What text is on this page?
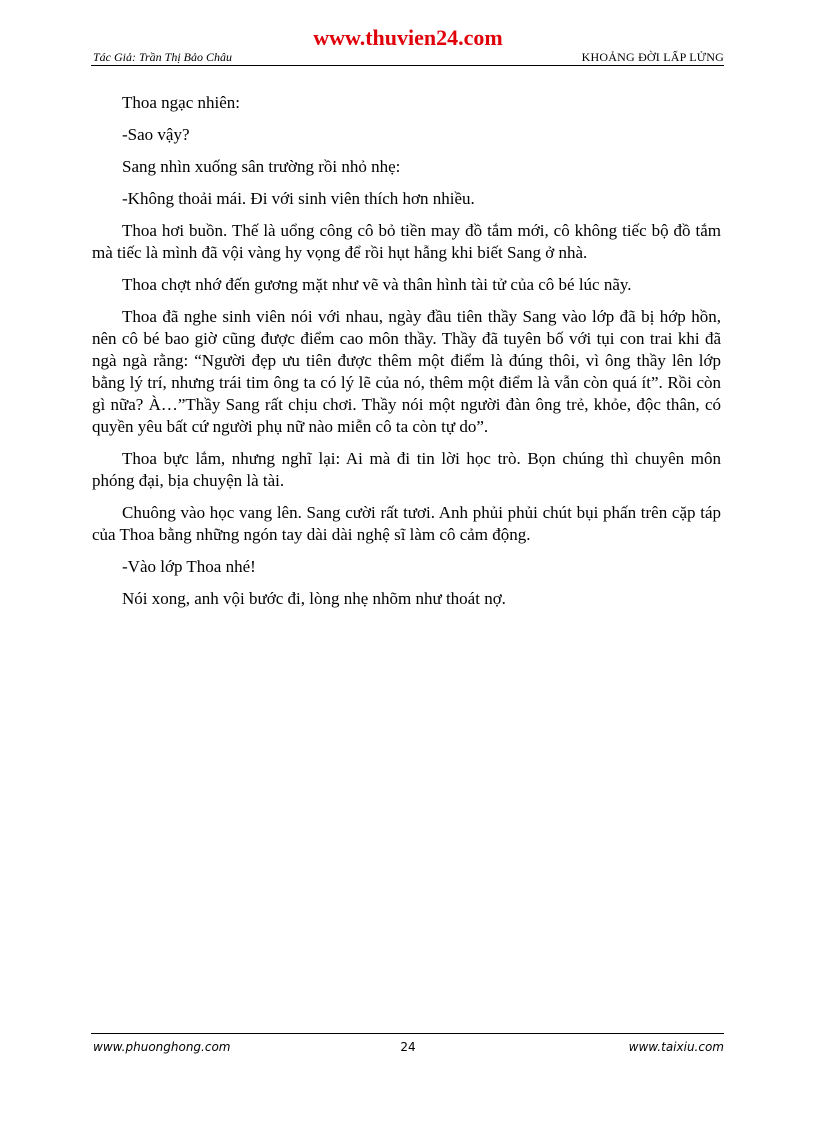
www.thuvien24.com
Tác Giả: Trần Thị Bảo Châu	KHOẢNG ĐỜI LẤP LỬNG

Thoa ngạc nhiên:

-Sao vậy?

Sang nhìn xuống sân trường rồi nhỏ nhẹ:

-Không thoải mái. Đi với sinh viên thích hơn nhiều.

Thoa hơi buồn. Thế là uổng công cô bỏ tiền may đồ tắm mới, cô không tiếc bộ đồ tắm mà tiếc là mình đã vội vàng hy vọng để rồi hụt hẫng khi biết Sang ở nhà.

Thoa chợt nhớ đến gương mặt như vẽ và thân hình tài tử của cô bé lúc nãy.

Thoa đã nghe sinh viên nói với nhau, ngày đầu tiên thầy Sang vào lớp đã bị hớp hồn, nên cô bé bao giờ cũng được điểm cao môn thầy. Thầy đã tuyên bố với tụi con trai khi đã ngà ngà rằng: “Người đẹp ưu tiên được thêm một điểm là đúng thôi, vì ông thầy lên lớp bằng lý trí, nhưng trái tim ông ta có lý lẽ của nó, thêm một điểm là vẫn còn quá ít”. Rồi còn gì nữa? À…”Thầy Sang rất chịu chơi. Thầy nói một người đàn ông trẻ, khỏe, độc thân, có quyền yêu bất cứ người phụ nữ nào miễn cô ta còn tự do”.

Thoa bực lắm, nhưng nghĩ lại: Ai mà đi tin lời học trò. Bọn chúng thì chuyên môn phóng đại, bịa chuyện là tài.

Chuông vào học vang lên. Sang cười rất tươi. Anh phủi phủi chút bụi phấn trên cặp táp của Thoa bằng những ngón tay dài dài nghệ sĩ làm cô cảm động.

-Vào lớp Thoa nhé!

Nói xong, anh vội bước đi, lòng nhẹ nhõm như thoát nợ.

www.phuonghong.com	24	www.taixiu.com
